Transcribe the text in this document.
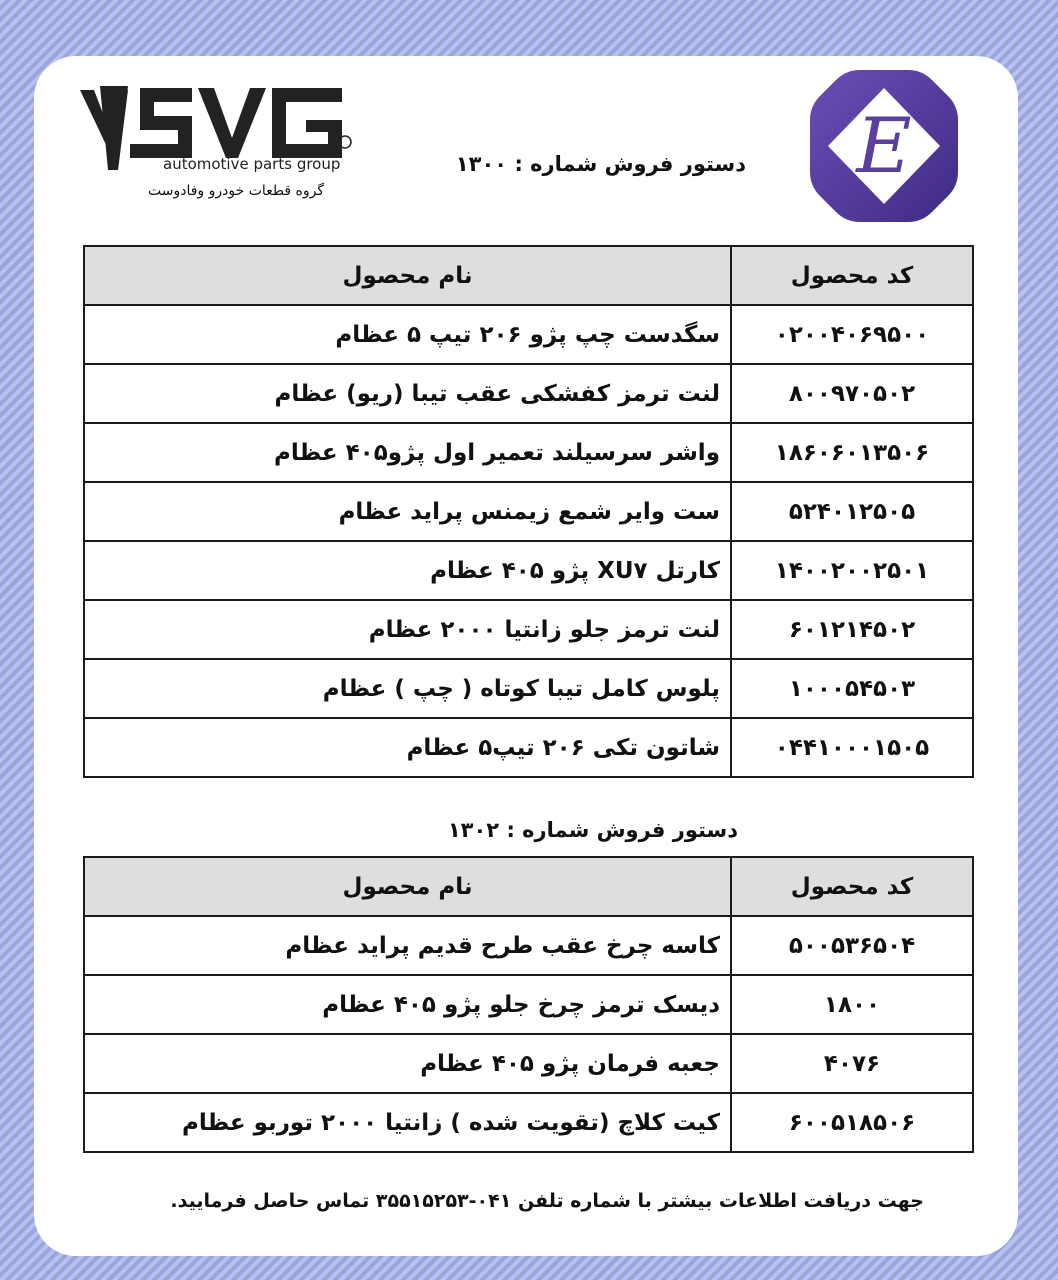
automotive parts group
گروه قطعات خودرو وفادوست
E
دستور فروش شماره : ۱۳۰۰
کد محصول	نام محصول
۰۲۰۰۴۰۶۹۵۰۰	سگدست چپ پژو ۲۰۶ تیپ ۵ عظام
۸۰۰۹۷۰۵۰۲	لنت ترمز کفشکی عقب تیبا (ریو) عظام
۱۸۶۰۶۰۱۳۵۰۶	واشر سرسیلند تعمیر اول پژو۴۰۵ عظام
۵۲۴۰۱۲۵۰۵	ست وایر شمع زیمنس پراید عظام
۱۴۰۰۲۰۰۲۵۰۱	کارتل XU۷ پژو ۴۰۵ عظام
۶۰۱۲۱۴۵۰۲	لنت ترمز جلو زانتیا ۲۰۰۰ عظام
۱۰۰۰۵۴۵۰۳	پلوس کامل تیبا کوتاه ( چپ ) عظام
۰۴۴۱۰۰۰۱۵۰۵	شاتون تکی ۲۰۶ تیپ۵ عظام
دستور فروش شماره : ۱۳۰۲
کد محصول	نام محصول
۵۰۰۵۳۶۵۰۴	کاسه چرخ عقب طرح قدیم پراید عظام
۱۸۰۰	دیسک ترمز چرخ جلو پژو ۴۰۵ عظام
۴۰۷۶	جعبه فرمان پژو ۴۰۵ عظام
۶۰۰۵۱۸۵۰۶	کیت کلاچ (تقویت شده ) زانتیا ۲۰۰۰ توربو عظام
جهت دریافت اطلاعات بیشتر با شماره تلفن ۰۴۱-۳۵۵۱۵۲۵۳ تماس حاصل فرمایید.
